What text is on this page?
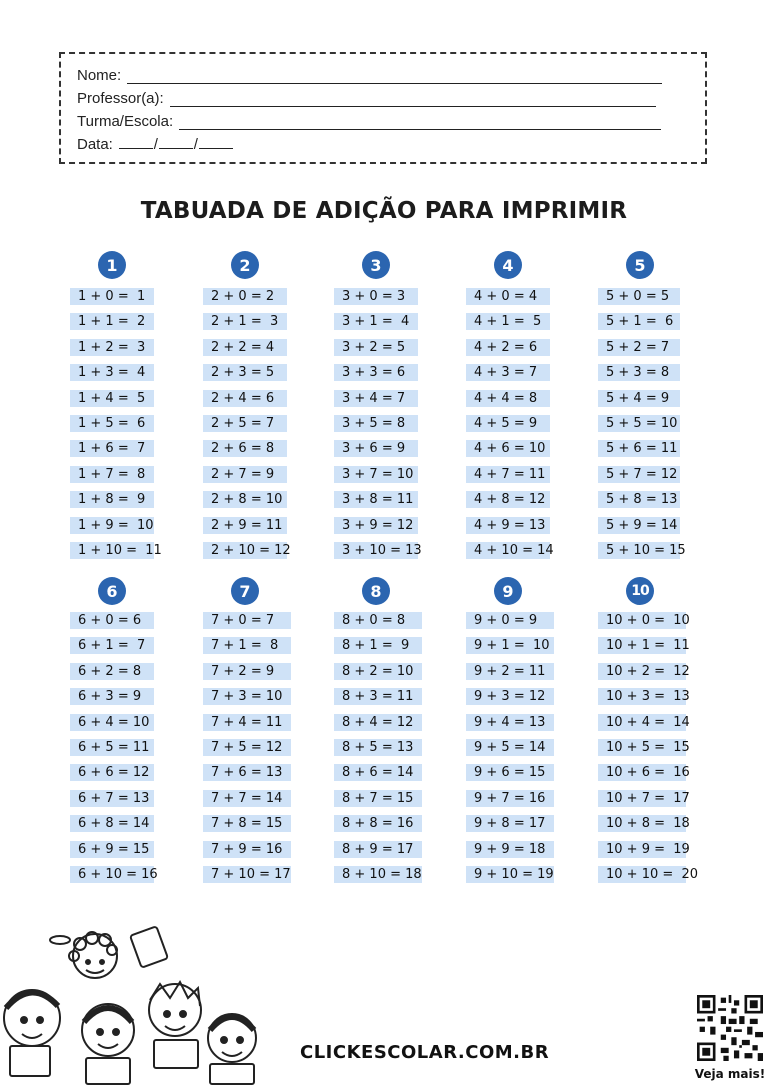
Nome:
Professor(a):
Turma/Escola:
Data:	/ /
TABUADA DE ADIÇÃO PARA IMPRIMIR
1
1 + 0 =  1
1 + 1 =  2
1 + 2 =  3
1 + 3 =  4
1 + 4 =  5
1 + 5 =  6
1 + 6 =  7
1 + 7 =  8
1 + 8 =  9
1 + 9 =  10
1 + 10 =  11
2
2 + 0 = 2
2 + 1 =  3
2 + 2 = 4
2 + 3 = 5
2 + 4 = 6
2 + 5 = 7
2 + 6 = 8
2 + 7 = 9
2 + 8 = 10
2 + 9 = 11
2 + 10 = 12
3
3 + 0 = 3
3 + 1 =  4
3 + 2 = 5
3 + 3 = 6
3 + 4 = 7
3 + 5 = 8
3 + 6 = 9
3 + 7 = 10
3 + 8 = 11
3 + 9 = 12
3 + 10 = 13
4
4 + 0 = 4
4 + 1 =  5
4 + 2 = 6
4 + 3 = 7
4 + 4 = 8
4 + 5 = 9
4 + 6 = 10
4 + 7 = 11
4 + 8 = 12
4 + 9 = 13
4 + 10 = 14
5
5 + 0 = 5
5 + 1 =  6
5 + 2 = 7
5 + 3 = 8
5 + 4 = 9
5 + 5 = 10
5 + 6 = 11
5 + 7 = 12
5 + 8 = 13
5 + 9 = 14
5 + 10 = 15
6
6 + 0 = 6
6 + 1 =  7
6 + 2 = 8
6 + 3 = 9
6 + 4 = 10
6 + 5 = 11
6 + 6 = 12
6 + 7 = 13
6 + 8 = 14
6 + 9 = 15
6 + 10 = 16
7
7 + 0 = 7
7 + 1 =  8
7 + 2 = 9
7 + 3 = 10
7 + 4 = 11
7 + 5 = 12
7 + 6 = 13
7 + 7 = 14
7 + 8 = 15
7 + 9 = 16
7 + 10 = 17
8
8 + 0 = 8
8 + 1 =  9
8 + 2 = 10
8 + 3 = 11
8 + 4 = 12
8 + 5 = 13
8 + 6 = 14
8 + 7 = 15
8 + 8 = 16
8 + 9 = 17
8 + 10 = 18
9
9 + 0 = 9
9 + 1 =  10
9 + 2 = 11
9 + 3 = 12
9 + 4 = 13
9 + 5 = 14
9 + 6 = 15
9 + 7 = 16
9 + 8 = 17
9 + 9 = 18
9 + 10 = 19
10
10 + 0 =  10
10 + 1 =  11
10 + 2 =  12
10 + 3 =  13
10 + 4 =  14
10 + 5 =  15
10 + 6 =  16
10 + 7 =  17
10 + 8 =  18
10 + 9 =  19
10 + 10 =  20
CLICKESCOLAR.COM.BR
Veja mais!
